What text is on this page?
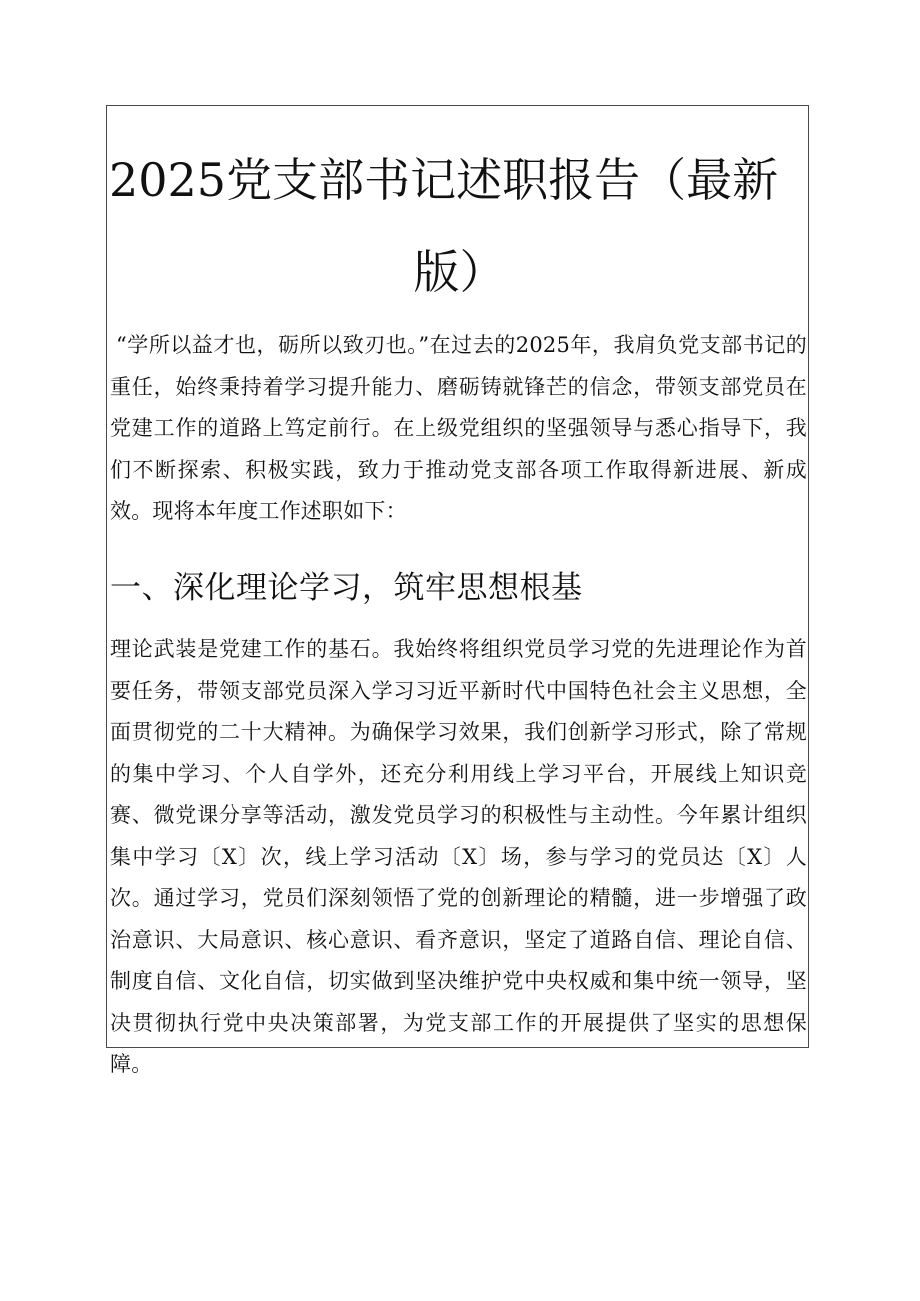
2025党支部书记述职报告（最新
版）

“学所以益才也，砺所以致刃也。”在过去的2025年，我肩负党支部书记的重任，始终秉持着学习提升能力、磨砺铸就锋芒的信念，带领支部党员在党建工作的道路上笃定前行。在上级党组织的坚强领导与悉心指导下，我们不断探索、积极实践，致力于推动党支部各项工作取得新进展、新成效。现将本年度工作述职如下：

一、深化理论学习，筑牢思想根基

理论武装是党建工作的基石。我始终将组织党员学习党的先进理论作为首要任务，带领支部党员深入学习习近平新时代中国特色社会主义思想，全面贯彻党的二十大精神。为确保学习效果，我们创新学习形式，除了常规的集中学习、个人自学外，还充分利用线上学习平台，开展线上知识竞赛、微党课分享等活动，激发党员学习的积极性与主动性。今年累计组织集中学习〔X〕次，线上学习活动〔X〕场，参与学习的党员达〔X〕人次。通过学习，党员们深刻领悟了党的创新理论的精髓，进一步增强了政治意识、大局意识、核心意识、看齐意识，坚定了道路自信、理论自信、制度自信、文化自信，切实做到坚决维护党中央权威和集中统一领导，坚决贯彻执行党中央决策部署，为党支部工作的开展提供了坚实的思想保障。
